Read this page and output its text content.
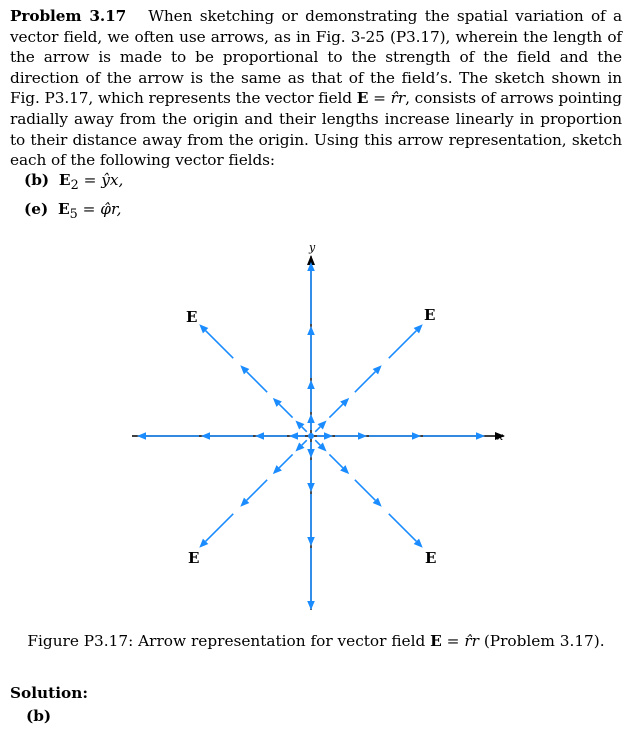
Problem 3.17 When sketching or demonstrating the spatial variation of a vector field, we often use arrows, as in Fig. 3-25 (P3.17), wherein the length of the arrow is made to be proportional to the strength of the field and the direction of the arrow is the same as that of the field’s. The sketch shown in Fig. P3.17, which represents the vector field E = r̂r, consists of arrows pointing radially away from the origin and their lengths increase linearly in proportion to their distance away from the origin. Using this arrow representation, sketch each of the following vector fields:
(b) $E_2$ = ŷx,
(e) $E_5$ = φ̂r,
x
y
E	E
E	E
Figure P3.17: Arrow representation for vector field E = r̂r (Problem 3.17).
Solution:
(b)
